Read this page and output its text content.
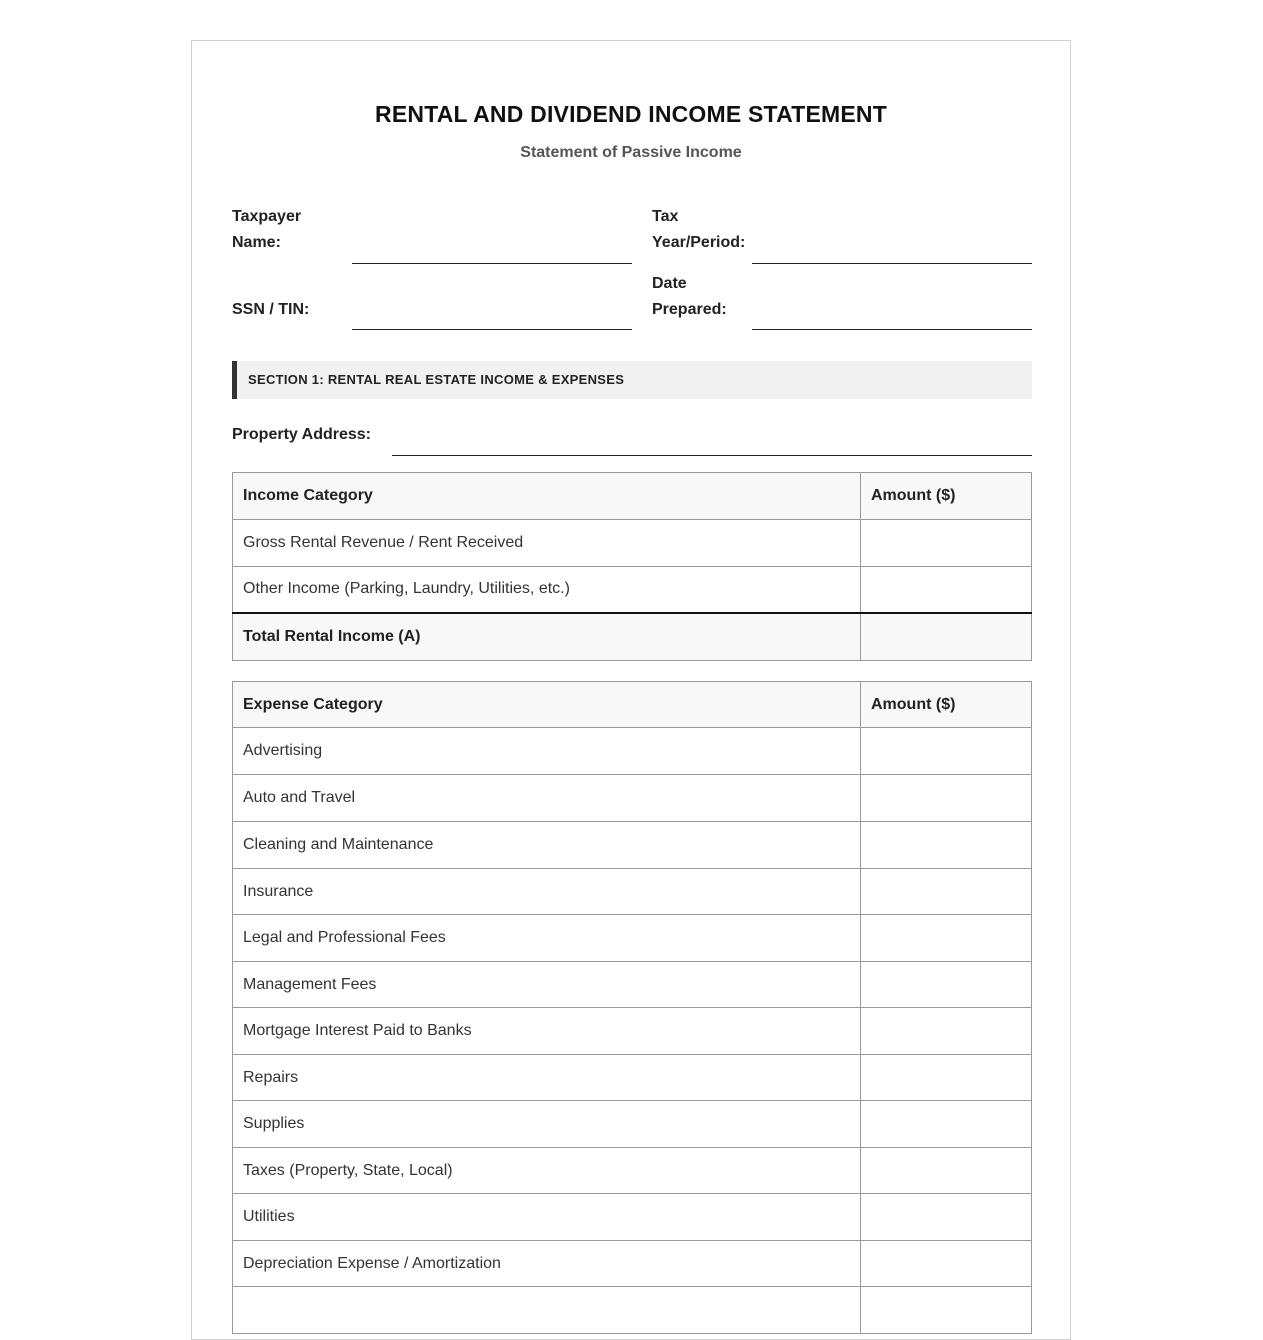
RENTAL AND DIVIDEND INCOME STATEMENT
Statement of Passive Income
Taxpayer Name:
Tax Year/Period:
SSN / TIN:
Date Prepared:
SECTION 1: RENTAL REAL ESTATE INCOME & EXPENSES
Property Address:
Income Category	Amount ($)
Gross Rental Revenue / Rent Received	
Other Income (Parking, Laundry, Utilities, etc.)	
Total Rental Income (A)	
Expense Category	Amount ($)
Advertising	
Auto and Travel	
Cleaning and Maintenance	
Insurance	
Legal and Professional Fees	
Management Fees	
Mortgage Interest Paid to Banks	
Repairs	
Supplies	
Taxes (Property, State, Local)	
Utilities	
Depreciation Expense / Amortization	
